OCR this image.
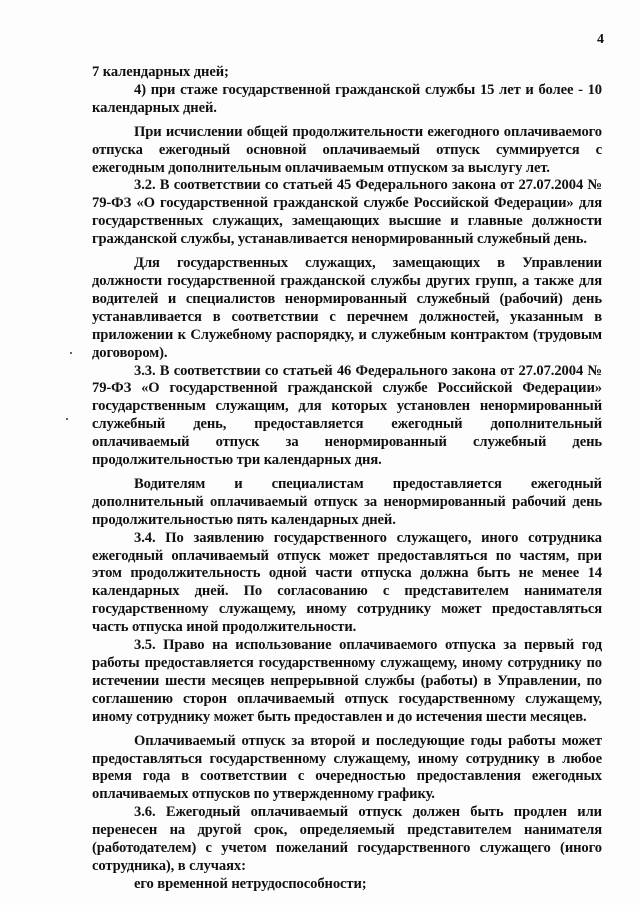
4

7 календарных дней;

4) при стаже государственной гражданской службы 15 лет и более - 10 календарных дней.

При исчислении общей продолжительности ежегодного оплачиваемого отпуска ежегодный основной оплачиваемый отпуск суммируется с ежегодным дополнительным оплачиваемым отпуском за выслугу лет.

3.2. В соответствии со статьей 45 Федерального закона от 27.07.2004 № 79-ФЗ «О государственной гражданской службе Российской Федерации» для государственных служащих, замещающих высшие и главные должности гражданской службы, устанавливается ненормированный служебный день.

Для государственных служащих, замещающих в Управлении должности государственной гражданской службы других групп, а также для водителей и специалистов ненормированный служебный (рабочий) день устанавливается в соответствии с перечнем должностей, указанным в приложении к Служебному распорядку, и служебным контрактом (трудовым договором).

3.3. В соответствии со статьей 46 Федерального закона от 27.07.2004 № 79-ФЗ «О государственной гражданской службе Российской Федерации» государственным служащим, для которых установлен ненормированный служебный день, предоставляется ежегодный дополнительный оплачиваемый отпуск за ненормированный служебный день продолжительностью три календарных дня.

Водителям и специалистам предоставляется ежегодный дополнительный оплачиваемый отпуск за ненормированный рабочий день продолжительностью пять календарных дней.

3.4. По заявлению государственного служащего, иного сотрудника ежегодный оплачиваемый отпуск может предоставляться по частям, при этом продолжительность одной части отпуска должна быть не менее 14 календарных дней. По согласованию с представителем нанимателя государственному служащему, иному сотруднику может предоставляться часть отпуска иной продолжительности.

3.5. Право на использование оплачиваемого отпуска за первый год работы предоставляется государственному служащему, иному сотруднику по истечении шести месяцев непрерывной службы (работы) в Управлении, по соглашению сторон оплачиваемый отпуск государственному служащему, иному сотруднику может быть предоставлен и до истечения шести месяцев.

Оплачиваемый отпуск за второй и последующие годы работы может предоставляться государственному служащему, иному сотруднику в любое время года в соответствии с очередностью предоставления ежегодных оплачиваемых отпусков по утвержденному графику.

3.6. Ежегодный оплачиваемый отпуск должен быть продлен или перенесен на другой срок, определяемый представителем нанимателя (работодателем) с учетом пожеланий государственного служащего (иного сотрудника), в случаях:

его временной нетрудоспособности;
